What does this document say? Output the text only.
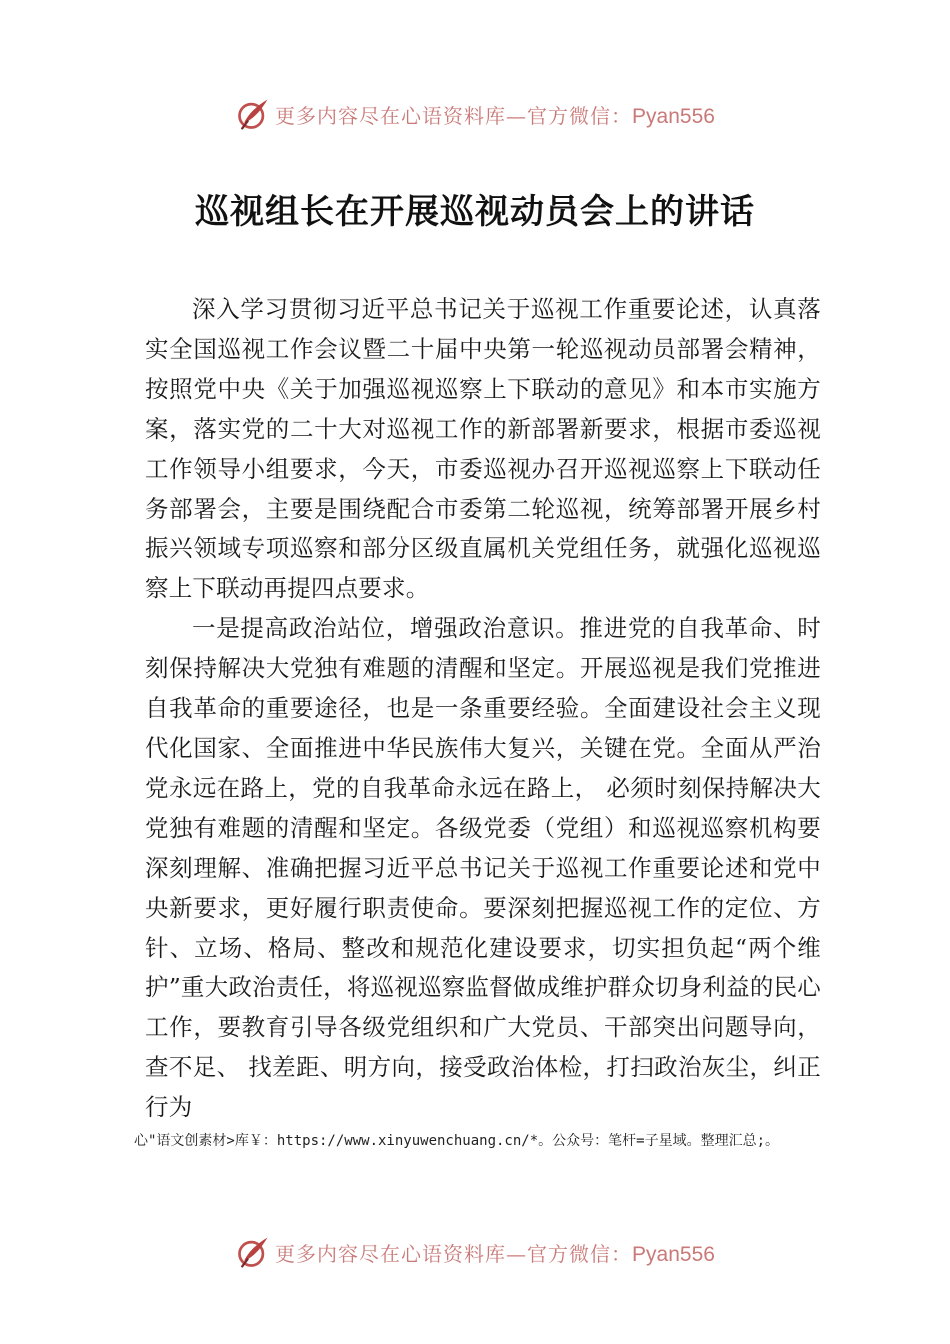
更多内容尽在心语资料库—官方微信：Pyan556
巡视组长在开展巡视动员会上的讲话

深入学习贯彻习近平总书记关于巡视工作重要论述，认真落实全国巡视工作会议暨二十届中央第一轮巡视动员部署会精神，按照党中央《关于加强巡视巡察上下联动的意见》和本市实施方案，落实党的二十大对巡视工作的新部署新要求，根据市委巡视工作领导小组要求，今天，市委巡视办召开巡视巡察上下联动任务部署会，主要是围绕配合市委第二轮巡视，统筹部署开展乡村振兴领域专项巡察和部分区级直属机关党组任务，就强化巡视巡察上下联动再提四点要求。

一是提高政治站位，增强政治意识。推进党的自我革命、时刻保持解决大党独有难题的清醒和坚定。开展巡视是我们党推进自我革命的重要途径，也是一条重要经验。全面建设社会主义现代化国家、全面推进中华民族伟大复兴，关键在党。全面从严治党永远在路上，党的自我革命永远在路上， 必须时刻保持解决大党独有难题的清醒和坚定。各级党委（党组）和巡视巡察机构要深刻理解、准确把握习近平总书记关于巡视工作重要论述和党中央新要求，更好履行职责使命。要深刻把握巡视工作的定位、方针、立场、格局、整改和规范化建设要求，切实担负起“两个维护”重大政治责任，将巡视巡察监督做成维护群众切身利益的民心工作，要教育引导各级党组织和广大党员、干部突出问题导向，查不足、 找差距、明方向，接受政治体检，打扫政治灰尘，纠正行为

心"语文创素材>库￥：https://www.xinyuwenchuang.cn/*。公众号：笔杆=子星域。整理汇总;。
更多内容尽在心语资料库—官方微信：Pyan556
